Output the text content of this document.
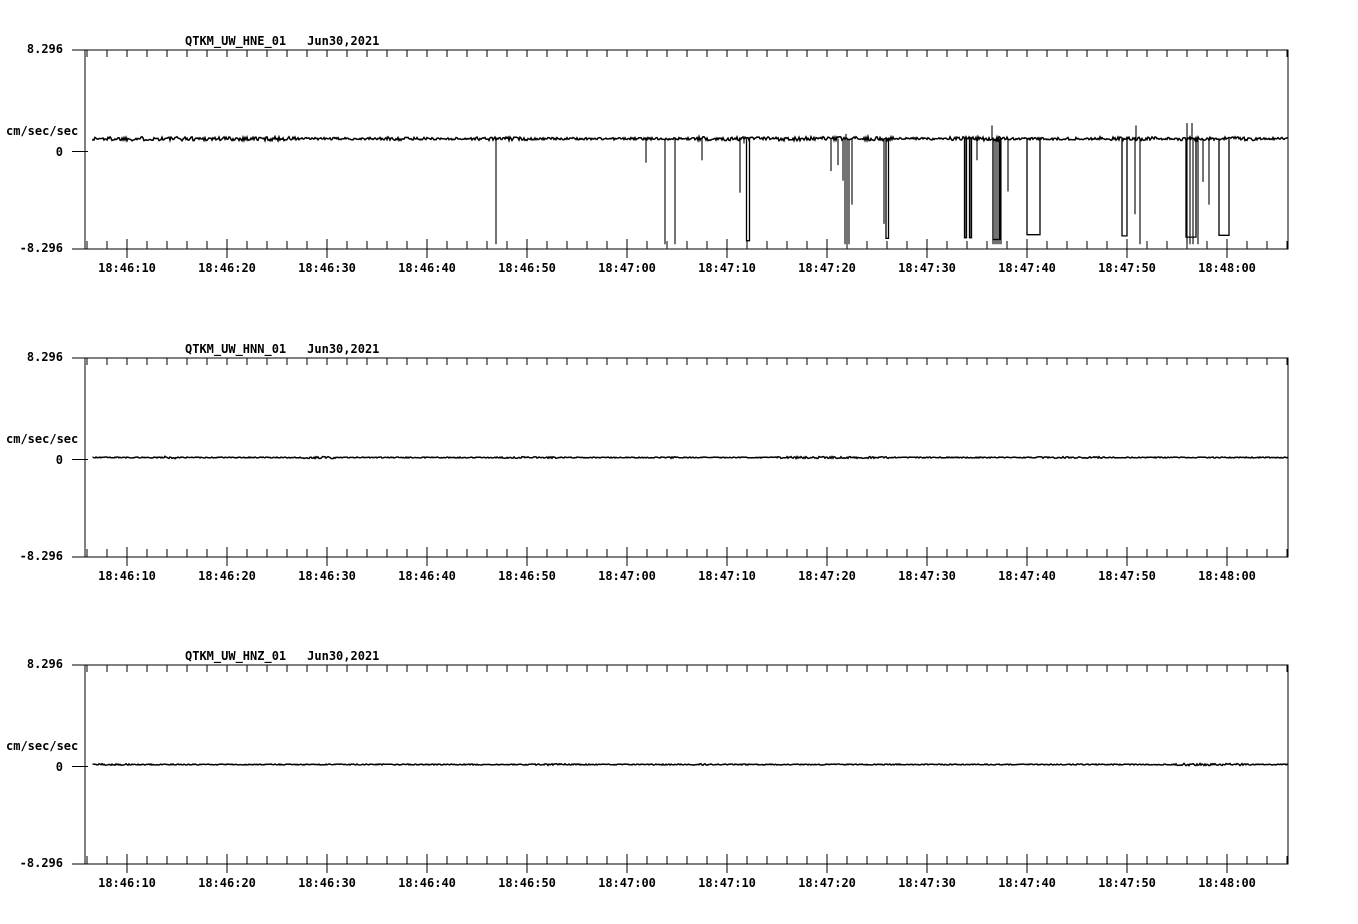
QTKM_UW_HNE_01 Jun30,2021
8.296
cm/sec/sec
0
-8.296
18:46:10	18:46:20	18:46:30	18:46:40	18:46:50	18:47:00	18:47:10	18:47:20	18:47:30	18:47:40	18:47:50	18:48:00
QTKM_UW_HNN_01 Jun30,2021
8.296
cm/sec/sec
0
-8.296
18:46:10	18:46:20	18:46:30	18:46:40	18:46:50	18:47:00	18:47:10	18:47:20	18:47:30	18:47:40	18:47:50	18:48:00
QTKM_UW_HNZ_01 Jun30,2021
8.296
cm/sec/sec
0
-8.296
18:46:10	18:46:20	18:46:30	18:46:40	18:46:50	18:47:00	18:47:10	18:47:20	18:47:30	18:47:40	18:47:50	18:48:00
